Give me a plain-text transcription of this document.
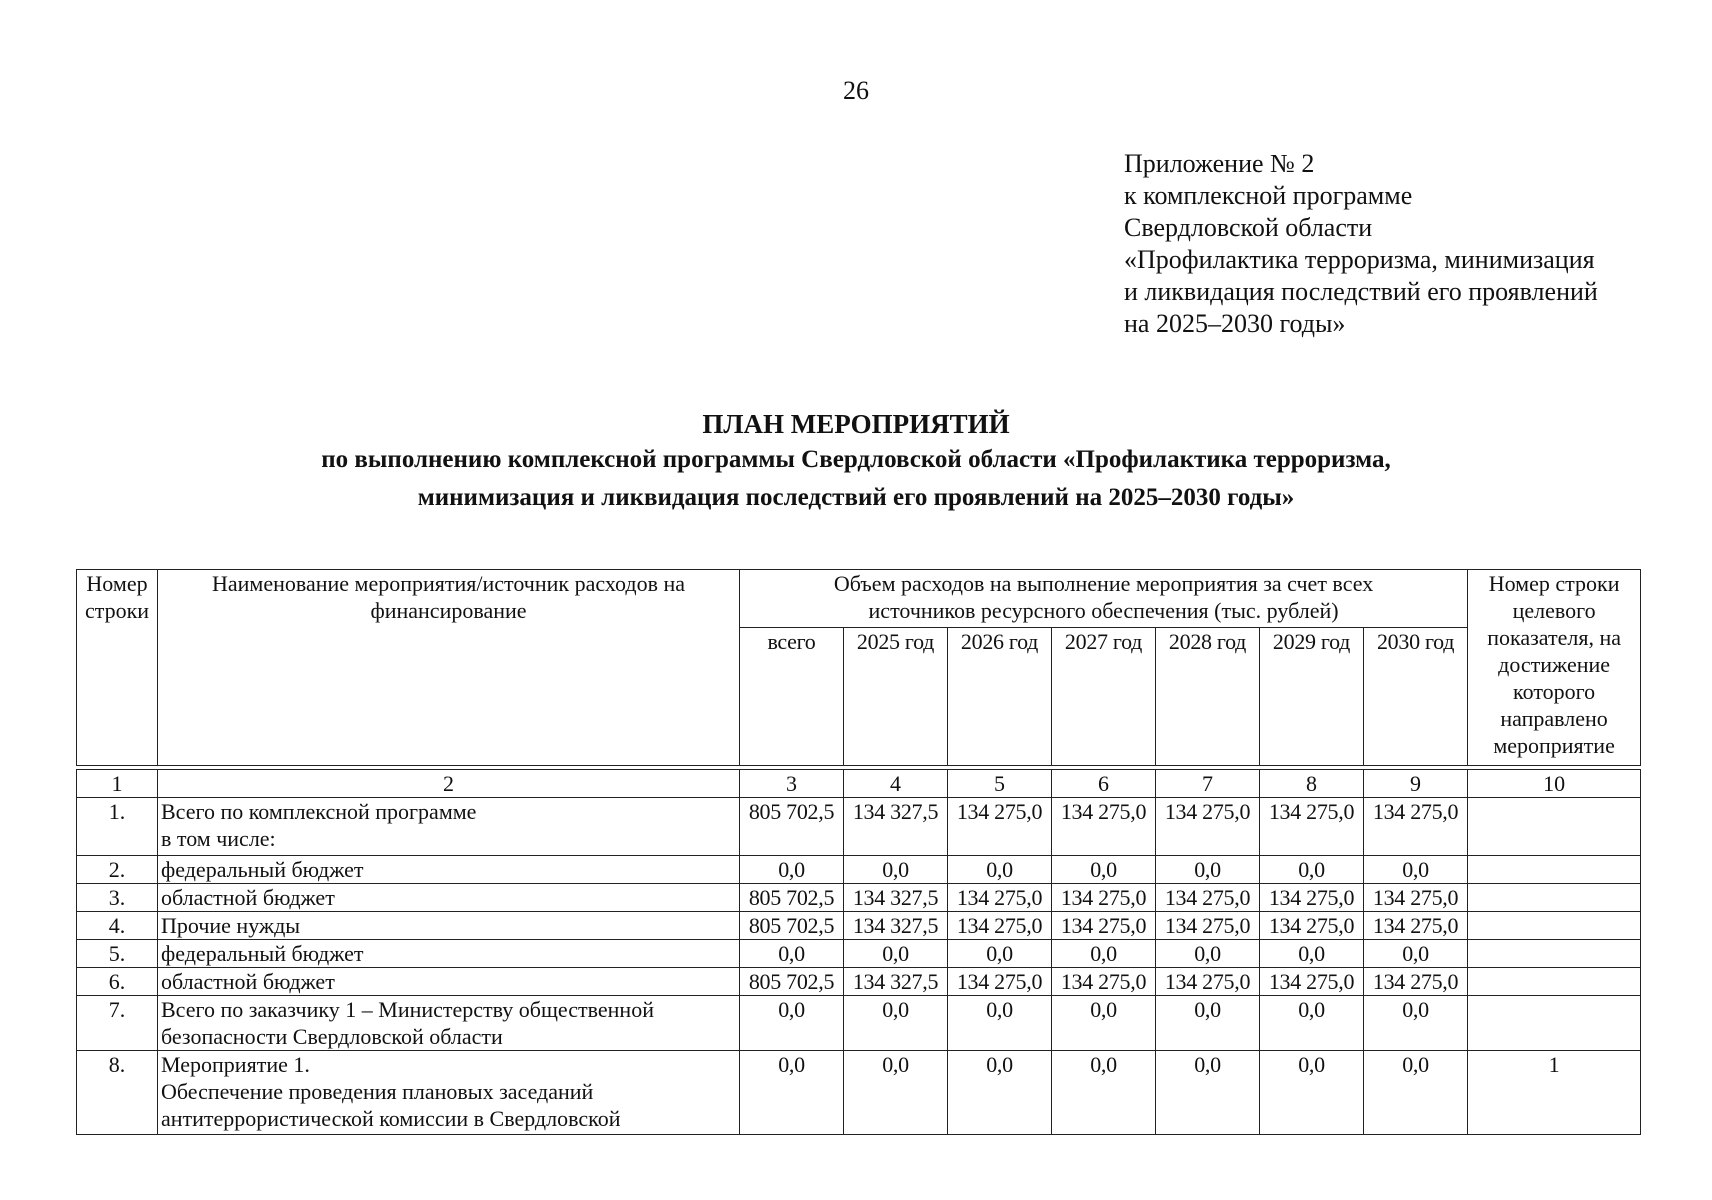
26
Приложение № 2
к комплексной программе
Свердловской области
«Профилактика терроризма, минимизация
и ликвидация последствий его проявлений
на 2025–2030 годы»
ПЛАН МЕРОПРИЯТИЙ
по выполнению комплексной программы Свердловской области «Профилактика терроризма,
минимизация и ликвидация последствий его проявлений на 2025–2030 годы»
Номер строки	Наименование мероприятия/источник расходов на финансирование	Объем расходов на выполнение мероприятия за счет всех источников ресурсного обеспечения (тыс. рублей)							Номер строки целевого показателя, на достижение которого направлено мероприятие
		всего	2025 год	2026 год	2027 год	2028 год	2029 год	2030 год	

1	2	3	4	5	6	7	8	9	10
1.	Всего по комплексной программе
в том числе:	805 702,5	134 327,5	134 275,0	134 275,0	134 275,0	134 275,0	134 275,0	
2.	федеральный бюджет	0,0	0,0	0,0	0,0	0,0	0,0	0,0	
3.	областной бюджет	805 702,5	134 327,5	134 275,0	134 275,0	134 275,0	134 275,0	134 275,0	
4.	Прочие нужды	805 702,5	134 327,5	134 275,0	134 275,0	134 275,0	134 275,0	134 275,0	
5.	федеральный бюджет	0,0	0,0	0,0	0,0	0,0	0,0	0,0	
6.	областной бюджет	805 702,5	134 327,5	134 275,0	134 275,0	134 275,0	134 275,0	134 275,0	
7.	Всего по заказчику 1 – Министерству общественной
безопасности Свердловской области	0,0	0,0	0,0	0,0	0,0	0,0	0,0	
8.	Мероприятие 1.
Обеспечение проведения плановых заседаний
антитеррористической комиссии в Свердловской	0,0	0,0	0,0	0,0	0,0	0,0	0,0	1
